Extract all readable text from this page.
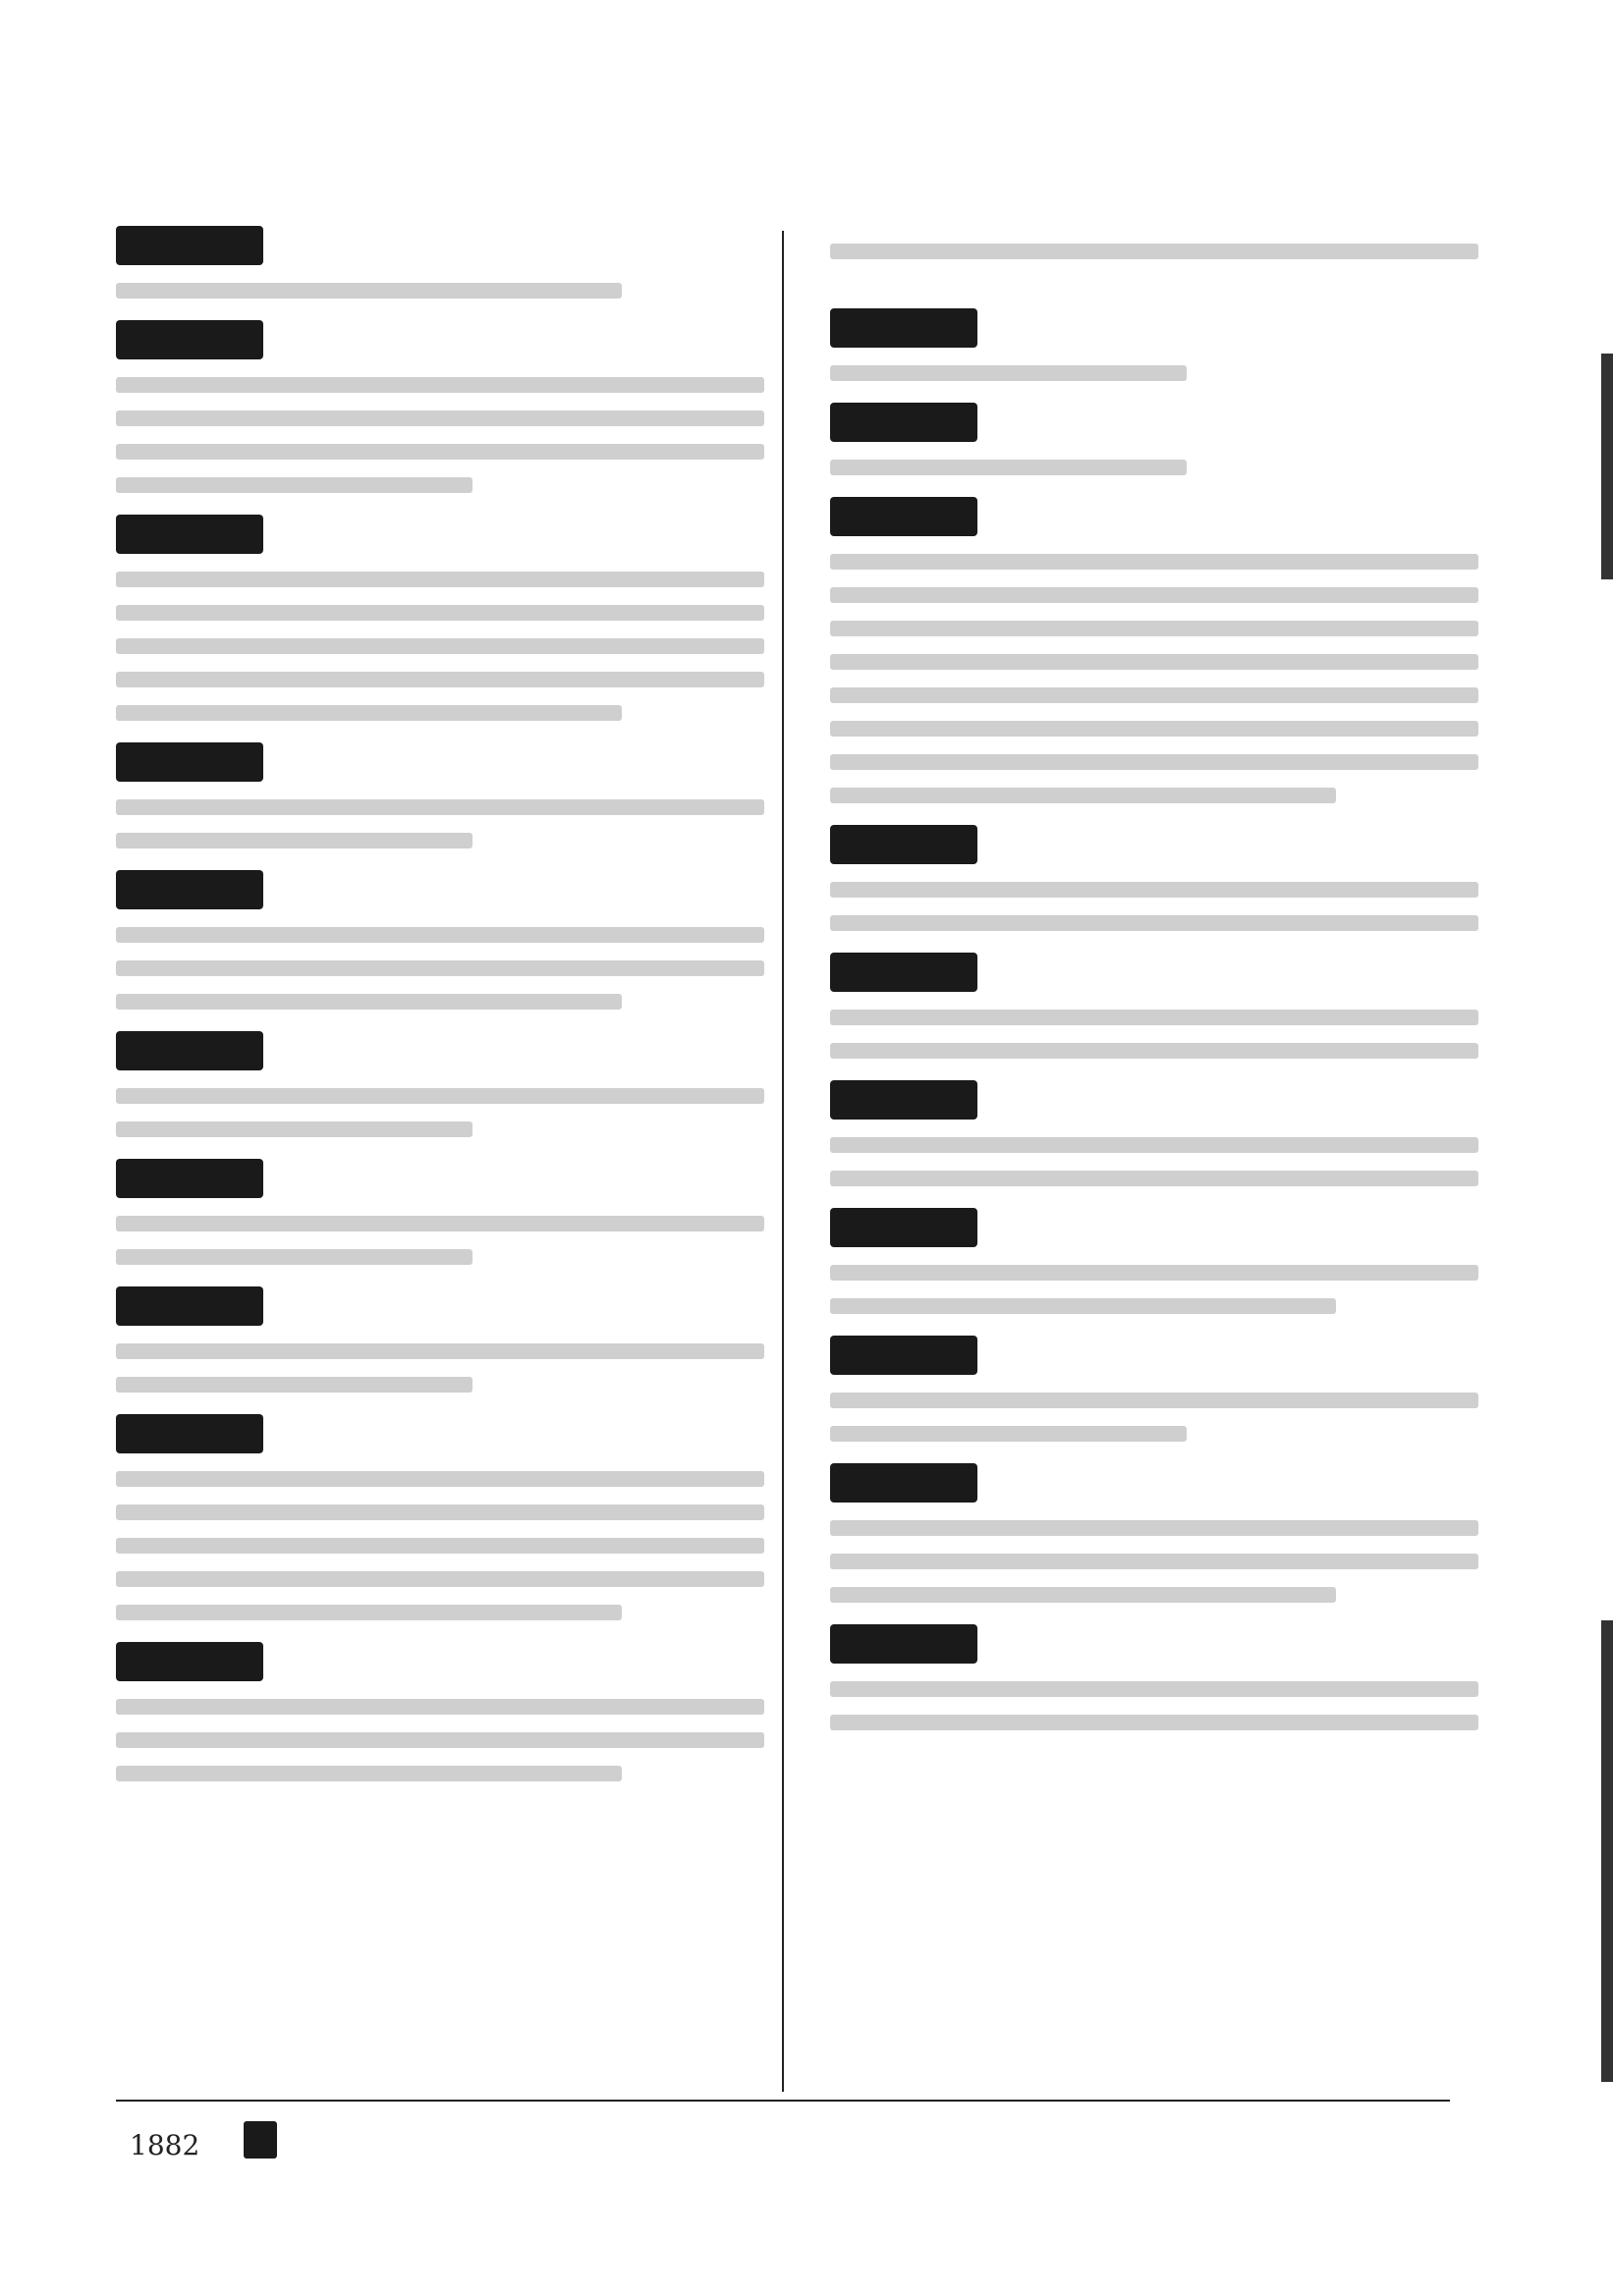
1882
